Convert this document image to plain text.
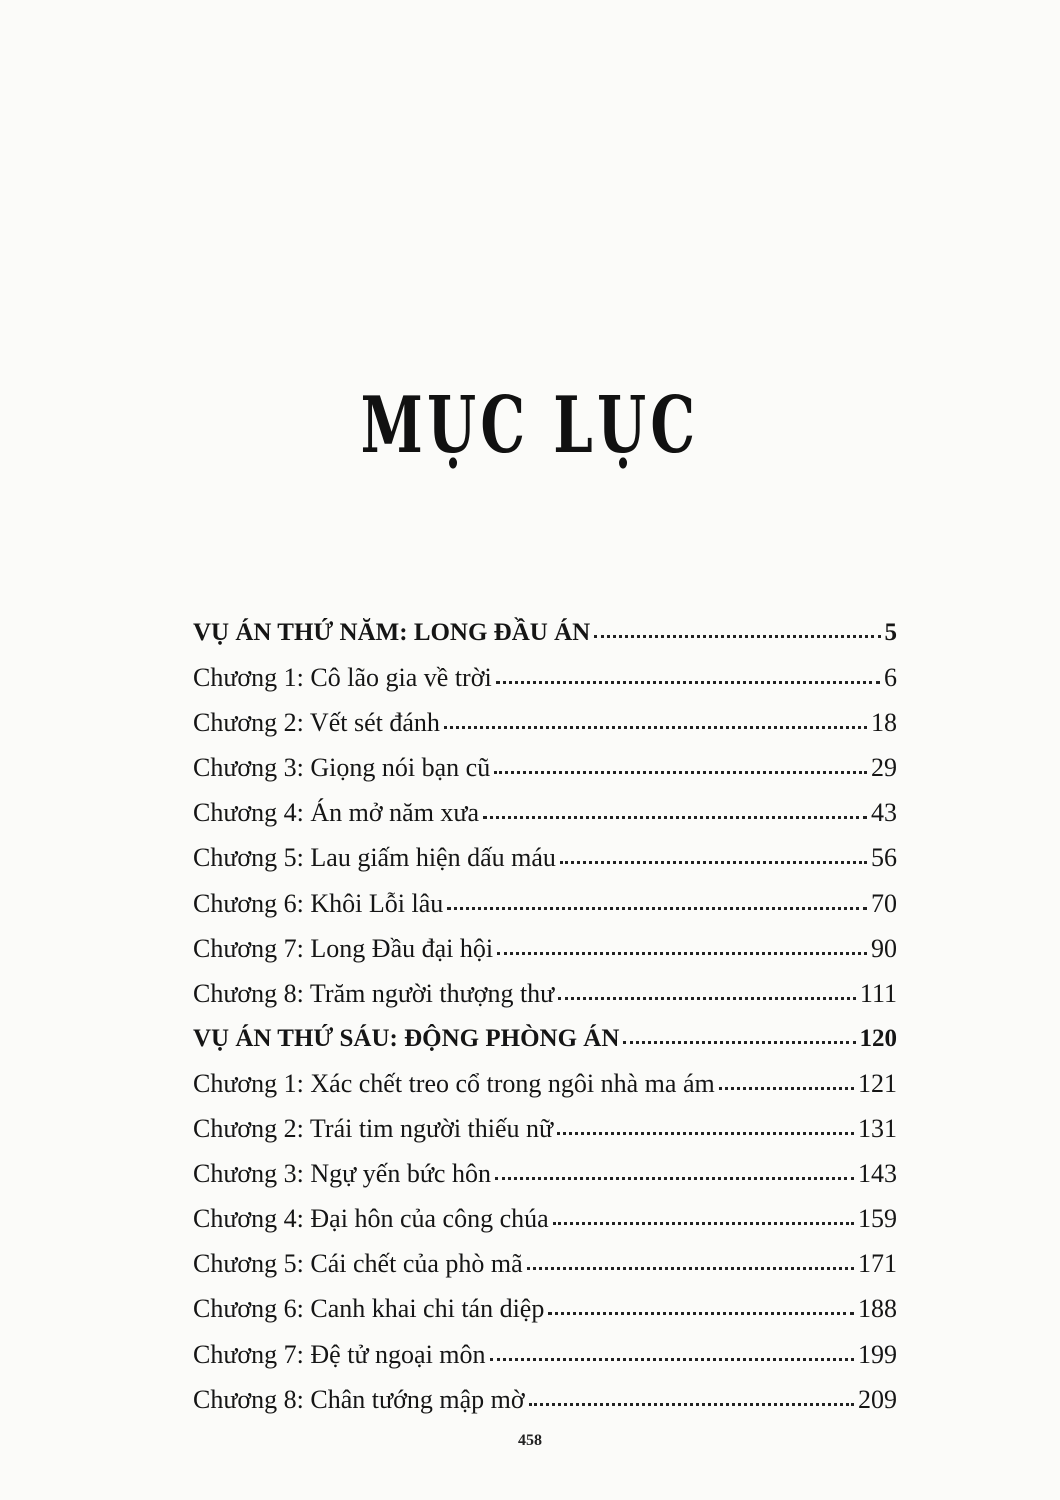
MỤC LỤC
VỤ ÁN THỨ NĂM: LONG ĐẦU ÁN	5
Chương 1: Cô lão gia về trời	6
Chương 2: Vết sét đánh	18
Chương 3: Giọng nói bạn cũ	29
Chương 4: Án mở năm xưa	43
Chương 5: Lau giấm hiện dấu máu	56
Chương 6: Khôi Lỗi lâu	70
Chương 7: Long Đầu đại hội	90
Chương 8: Trăm người thượng thư	111
VỤ ÁN THỨ SÁU: ĐỘNG PHÒNG ÁN	120
Chương 1: Xác chết treo cổ trong ngôi nhà ma ám	121
Chương 2: Trái tim người thiếu nữ	131
Chương 3: Ngự yến bức hôn	143
Chương 4: Đại hôn của công chúa	159
Chương 5: Cái chết của phò mã	171
Chương 6: Canh khai chi tán diệp	188
Chương 7: Đệ tử ngoại môn	199
Chương 8: Chân tướng mập mờ	209
458
